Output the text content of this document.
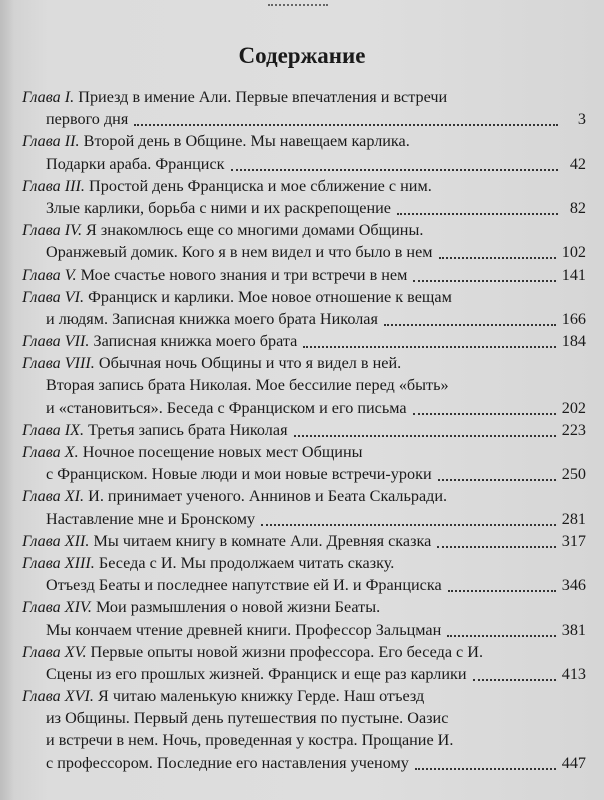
Содержание
Глава I. Приезд в имение Али. Первые впечатления и встречи
первого дня	3
Глава II. Второй день в Общине. Мы навещаем карлика.
Подарки араба. Франциск	42
Глава III. Простой день Франциска и мое сближение с ним.
Злые карлики, борьба с ними и их раскрепощение	82
Глава IV. Я знакомлюсь еще со многими домами Общины.
Оранжевый домик. Кого я в нем видел и что было в нем	102
Глава V. Мое счастье нового знания и три встречи в нем	141
Глава VI. Франциск и карлики. Мое новое отношение к вещам
и людям. Записная книжка моего брата Николая	166
Глава VII. Записная книжка моего брата	184
Глава VIII. Обычная ночь Общины и что я видел в ней.
Вторая запись брата Николая. Мое бессилие перед «быть»
и «становиться». Беседа с Франциском и его письма	202
Глава IX. Третья запись брата Николая	223
Глава X. Ночное посещение новых мест Общины
с Франциском. Новые люди и мои новые встречи-уроки	250
Глава XI. И. принимает ученого. Аннинов и Беата Скальради.
Наставление мне и Бронскому	281
Глава XII. Мы читаем книгу в комнате Али. Древняя сказка	317
Глава XIII. Беседа с И. Мы продолжаем читать сказку.
Отъезд Беаты и последнее напутствие ей И. и Франциска	346
Глава XIV. Мои размышления о новой жизни Беаты.
Мы кончаем чтение древней книги. Профессор Зальцман	381
Глава XV. Первые опыты новой жизни профессора. Его беседа с И.
Сцены из его прошлых жизней. Франциск и еще раз карлики	413
Глава XVI. Я читаю маленькую книжку Герде. Наш отъезд
из Общины. Первый день путешествия по пустыне. Оазис
и встречи в нем. Ночь, проведенная у костра. Прощание И.
с профессором. Последние его наставления ученому	447
